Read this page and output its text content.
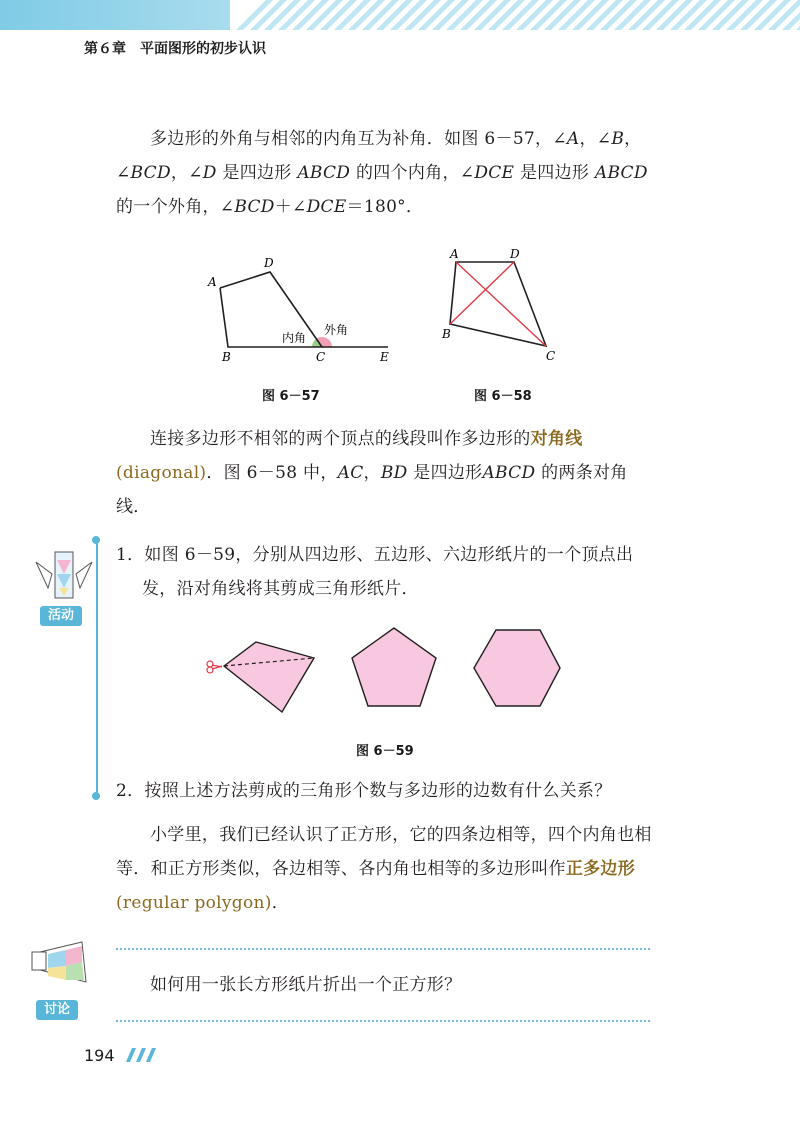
第６章　平面图形的初步认识

多边形的外角与相邻的内角互为补角．如图 6－57，∠A，∠B，∠BCD，∠D 是四边形 ABCD 的四个内角，∠DCE 是四边形 ABCD的一个外角，∠BCD＋∠DCE＝180°．

A
D
B	C	E
内角
外角
图 6－57
A	D
B
C
图 6－58

连接多边形不相邻的两个顶点的线段叫作多边形的对角线(diagonal)．图 6－58 中，AC，BD 是四边形ABCD 的两条对角线．

活动

1．如图 6－59，分别从四边形、五边形、六边形纸片的一个顶点出发，沿对角线将其剪成三角形纸片．

图 6－59

2．按照上述方法剪成的三角形个数与多边形的边数有什么关系？

小学里，我们已经认识了正方形，它的四条边相等，四个内角也相等．和正方形类似，各边相等、各内角也相等的多边形叫作正多边形(regular polygon)．

讨论

如何用一张长方形纸片折出一个正方形？

194
